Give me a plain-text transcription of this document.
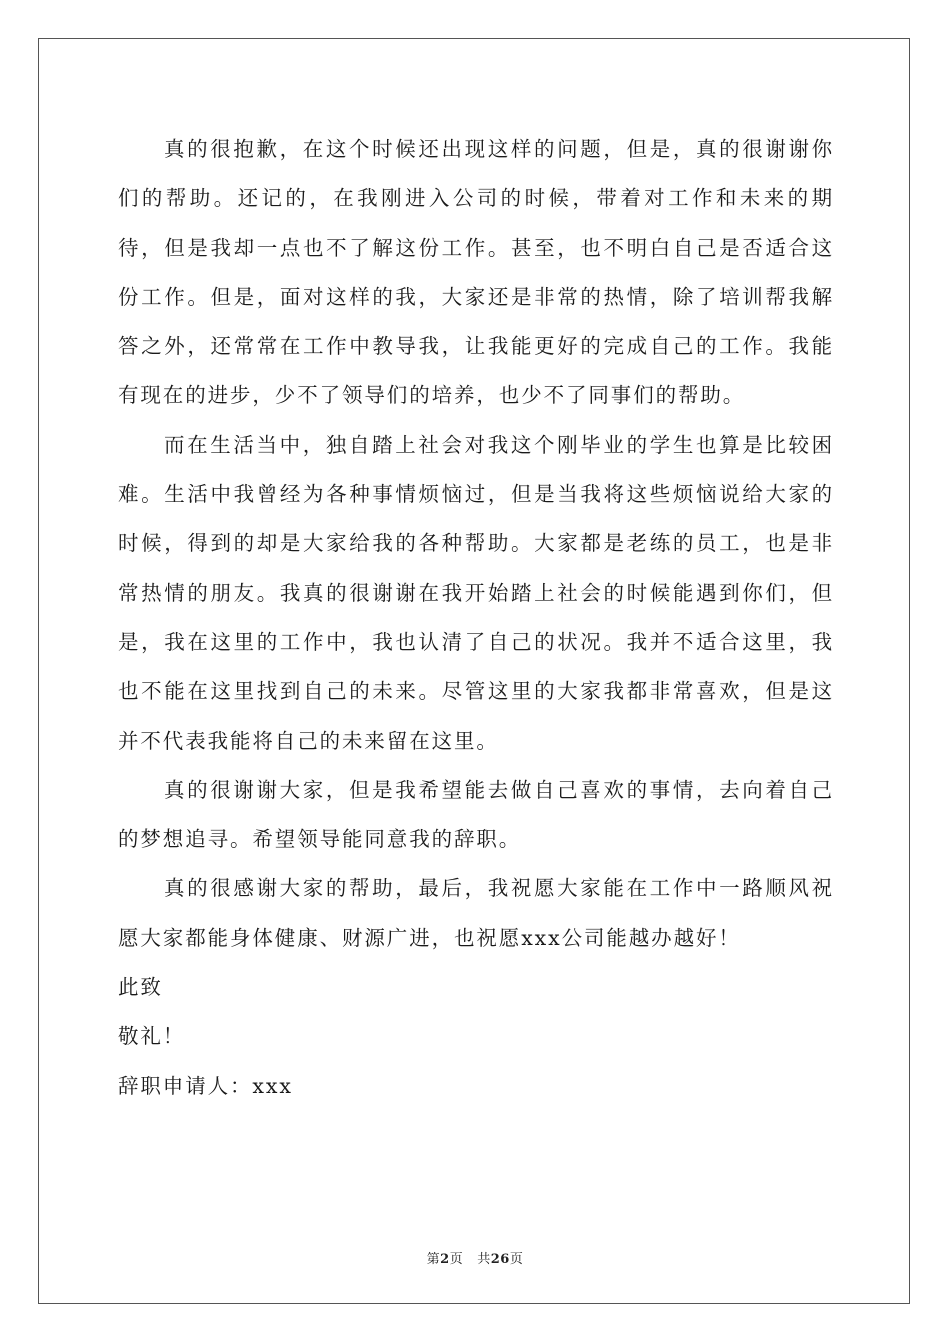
真的很抱歉，在这个时候还出现这样的问题，但是，真的很谢谢你们的帮助。还记的，在我刚进入公司的时候，带着对工作和未来的期待，但是我却一点也不了解这份工作。甚至，也不明白自己是否适合这份工作。但是，面对这样的我，大家还是非常的热情，除了培训帮我解答之外，还常常在工作中教导我，让我能更好的完成自己的工作。我能有现在的进步，少不了领导们的培养，也少不了同事们的帮助。

而在生活当中，独自踏上社会对我这个刚毕业的学生也算是比较困难。生活中我曾经为各种事情烦恼过，但是当我将这些烦恼说给大家的时候，得到的却是大家给我的各种帮助。大家都是老练的员工，也是非常热情的朋友。我真的很谢谢在我开始踏上社会的时候能遇到你们，但是，我在这里的工作中，我也认清了自己的状况。我并不适合这里，我也不能在这里找到自己的未来。尽管这里的大家我都非常喜欢，但是这并不代表我能将自己的未来留在这里。

真的很谢谢大家，但是我希望能去做自己喜欢的事情，去向着自己的梦想追寻。希望领导能同意我的辞职。

真的很感谢大家的帮助，最后，我祝愿大家能在工作中一路顺风祝愿大家都能身体健康、财源广进，也祝愿xxx公司能越办越好！

此致

敬礼！

辞职申请人：xxx

第2页 共26页
